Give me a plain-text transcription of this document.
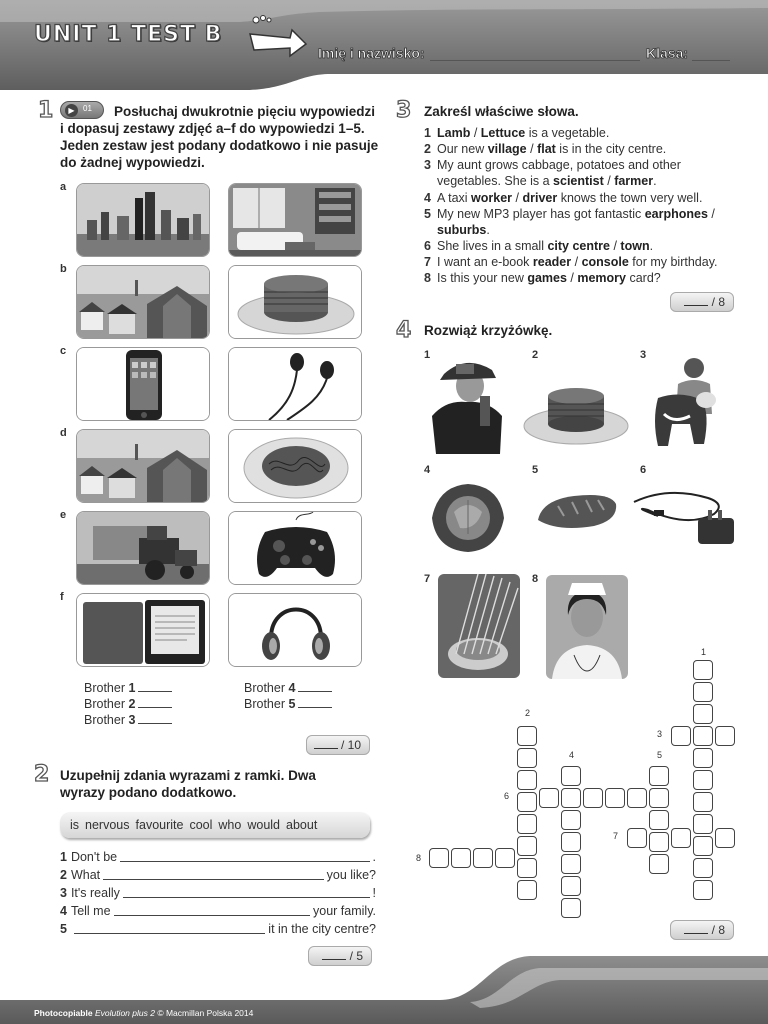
UNIT 1 TEST B
Imię i nazwisko:	Klasa:
1	▶	01	Posłuchaj dwukrotnie pięciu wypowiedzi i dopasuj zestawy zdjęć a–f do wypowiedzi 1–5. Jeden zestaw jest podany dodatkowo i nie pasuje do żadnej wypowiedzi.
a
b
c
d
e
f
Brother 1
Brother 2
Brother 3
Brother 4
Brother 5
/ 10
2 Uzupełnij zdania wyrazami z ramki. Dwa wyrazy podano dodatkowo.
is nervous favourite cool who would about
1 Don't be	.
2 What	you like?
3 It's really	!
4 Tell me	your family.
5	it in the city centre?
/ 5
3 Zakreśl właściwe słowa.
1 Lamb / Lettuce is a vegetable.
2 Our new village / flat is in the city centre.
3 My aunt grows cabbage, potatoes and other vegetables. She is a scientist / farmer.
4 A taxi worker / driver knows the town very well.
5 My new MP3 player has got fantastic earphones / suburbs.
6 She lives in a small city centre / town.
7 I want an e-book reader / console for my birthday.
8 Is this your new games / memory card?
/ 8
4 Rozwiąż krzyżówkę.
1	2	3
4	5	6
7	8
1
2
3
4	5
6
7
8
/ 8
Photocopiable Evolution plus 2 © Macmillan Polska 2014
